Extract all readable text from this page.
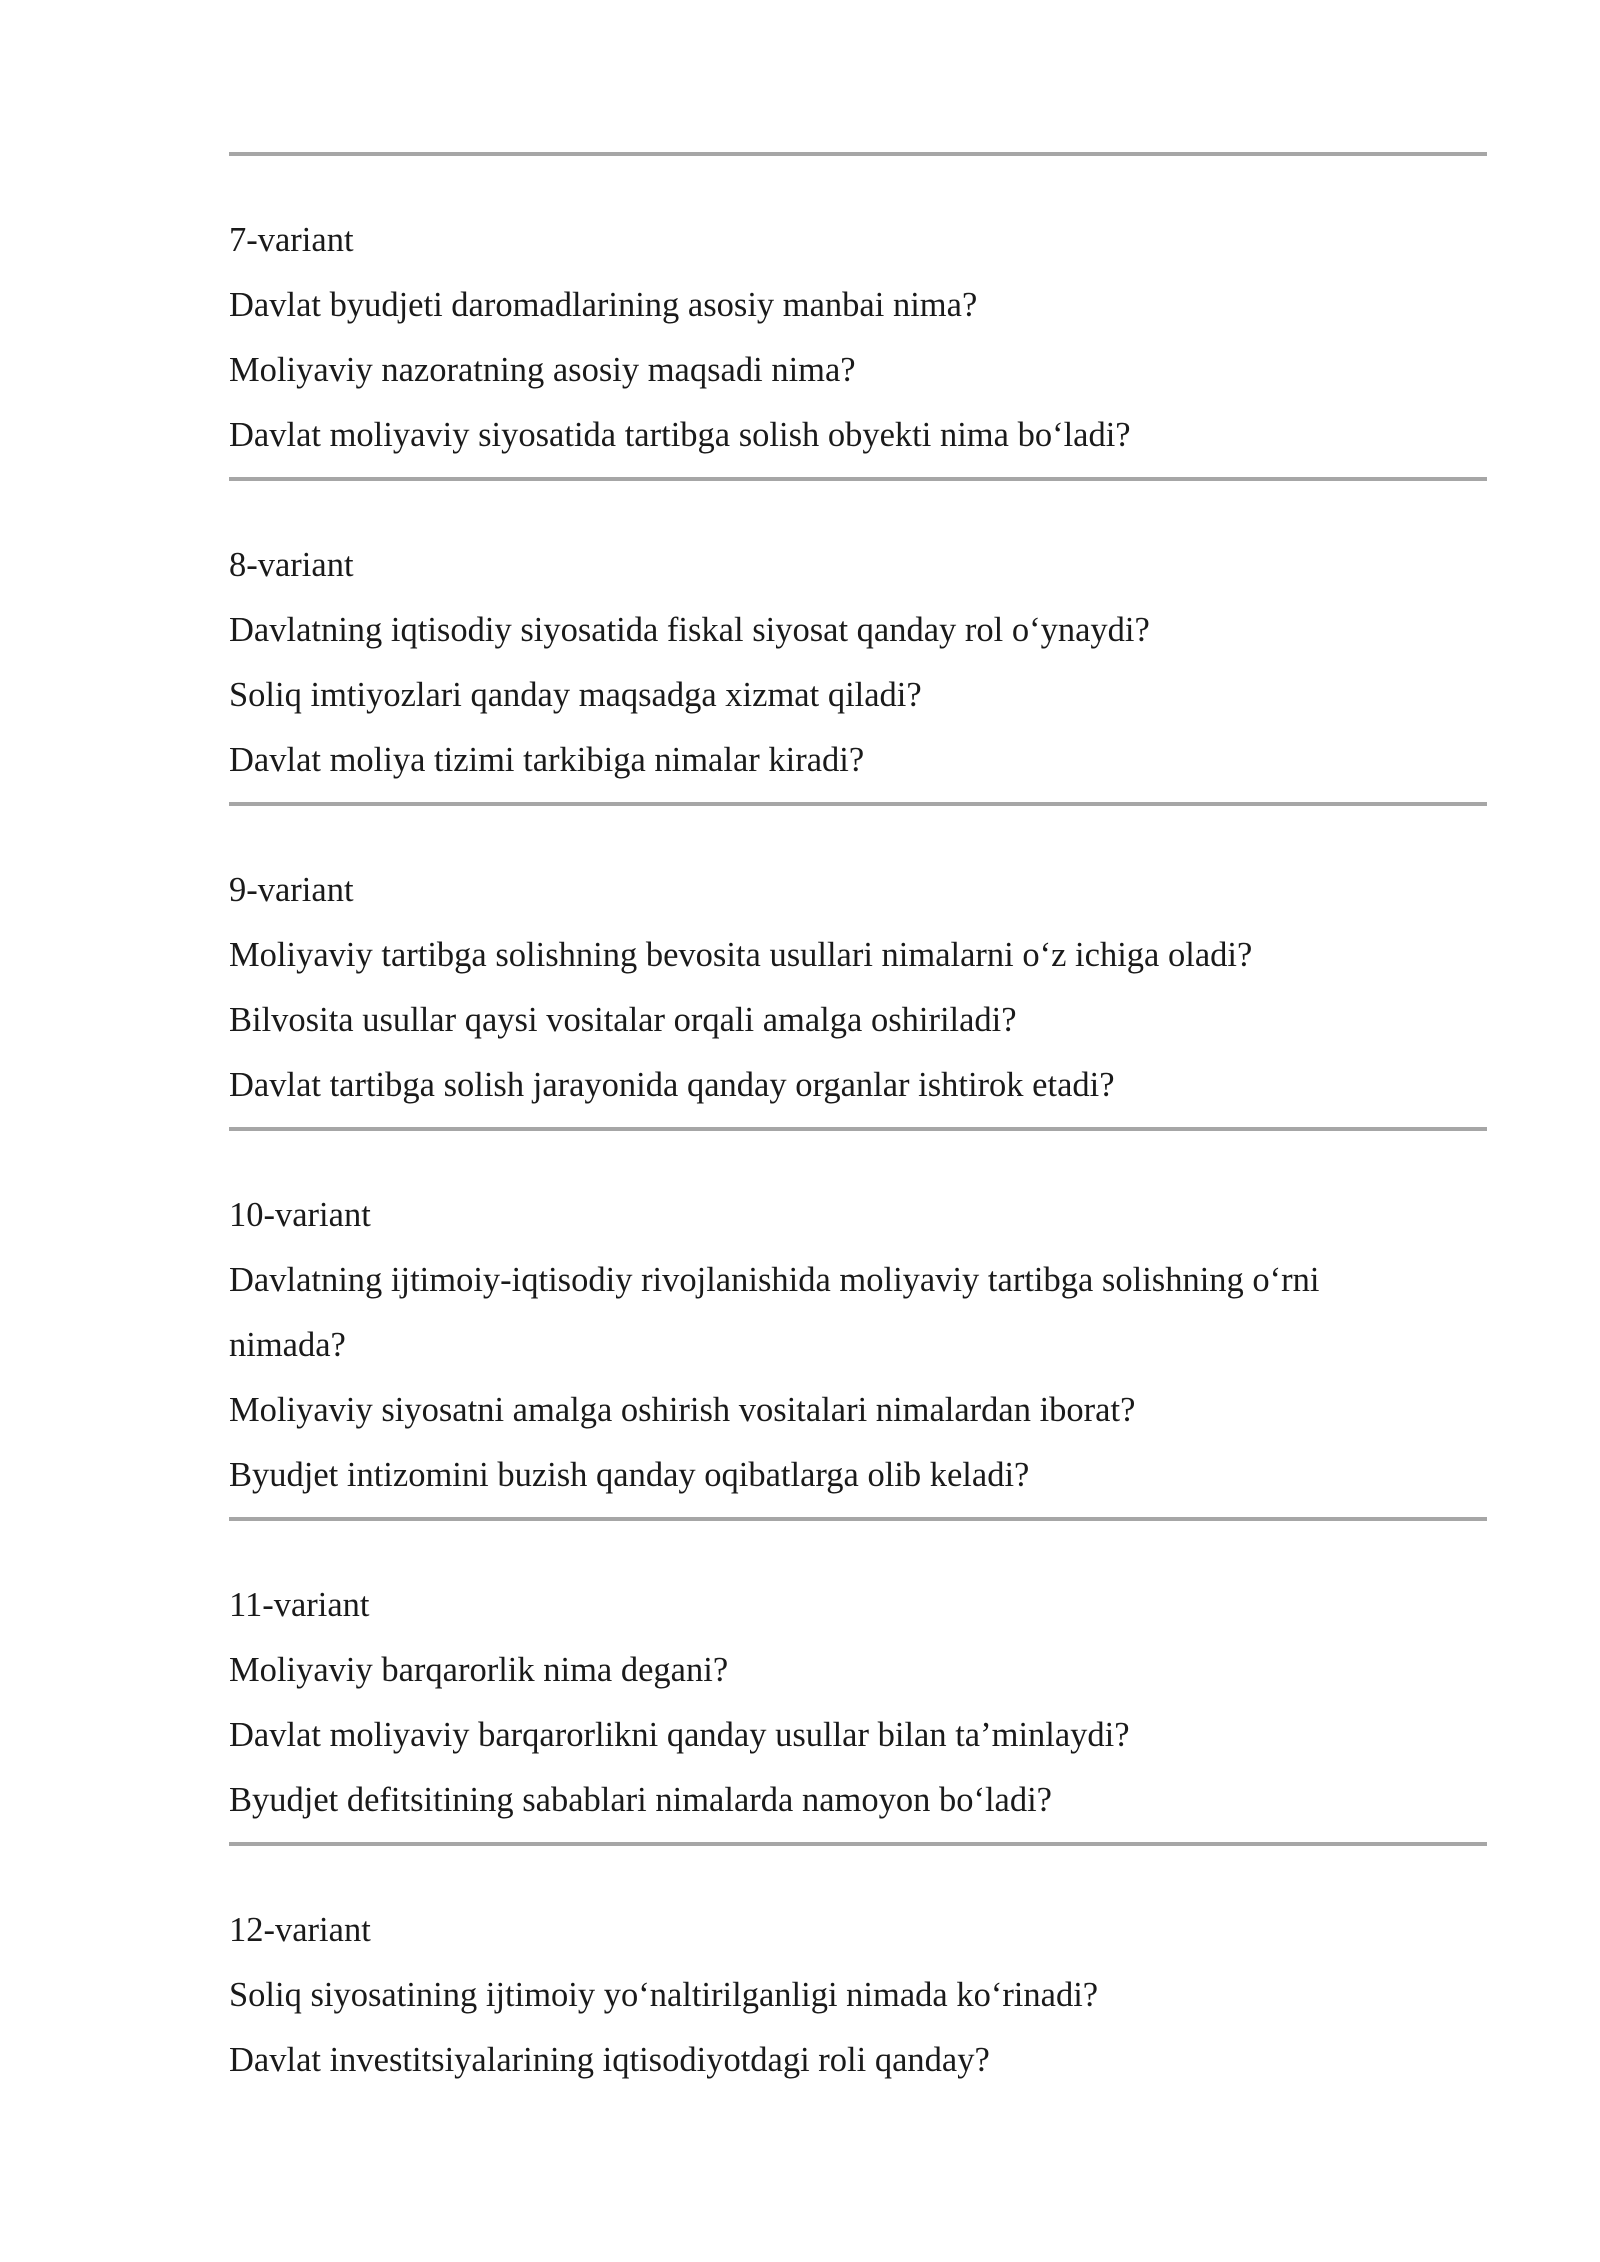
7-variant
Davlat byudjeti daromadlarining asosiy manbai nima?
Moliyaviy nazoratning asosiy maqsadi nima?
Davlat moliyaviy siyosatida tartibga solish obyekti nima bo‘ladi?
8-variant
Davlatning iqtisodiy siyosatida fiskal siyosat qanday rol o‘ynaydi?
Soliq imtiyozlari qanday maqsadga xizmat qiladi?
Davlat moliya tizimi tarkibiga nimalar kiradi?
9-variant
Moliyaviy tartibga solishning bevosita usullari nimalarni o‘z ichiga oladi?
Bilvosita usullar qaysi vositalar orqali amalga oshiriladi?
Davlat tartibga solish jarayonida qanday organlar ishtirok etadi?
10-variant
Davlatning ijtimoiy-iqtisodiy rivojlanishida moliyaviy tartibga solishning o‘rni
nimada?
Moliyaviy siyosatni amalga oshirish vositalari nimalardan iborat?
Byudjet intizomini buzish qanday oqibatlarga olib keladi?
11-variant
Moliyaviy barqarorlik nima degani?
Davlat moliyaviy barqarorlikni qanday usullar bilan ta’minlaydi?
Byudjet defitsitining sabablari nimalarda namoyon bo‘ladi?
12-variant
Soliq siyosatining ijtimoiy yo‘naltirilganligi nimada ko‘rinadi?
Davlat investitsiyalarining iqtisodiyotdagi roli qanday?
